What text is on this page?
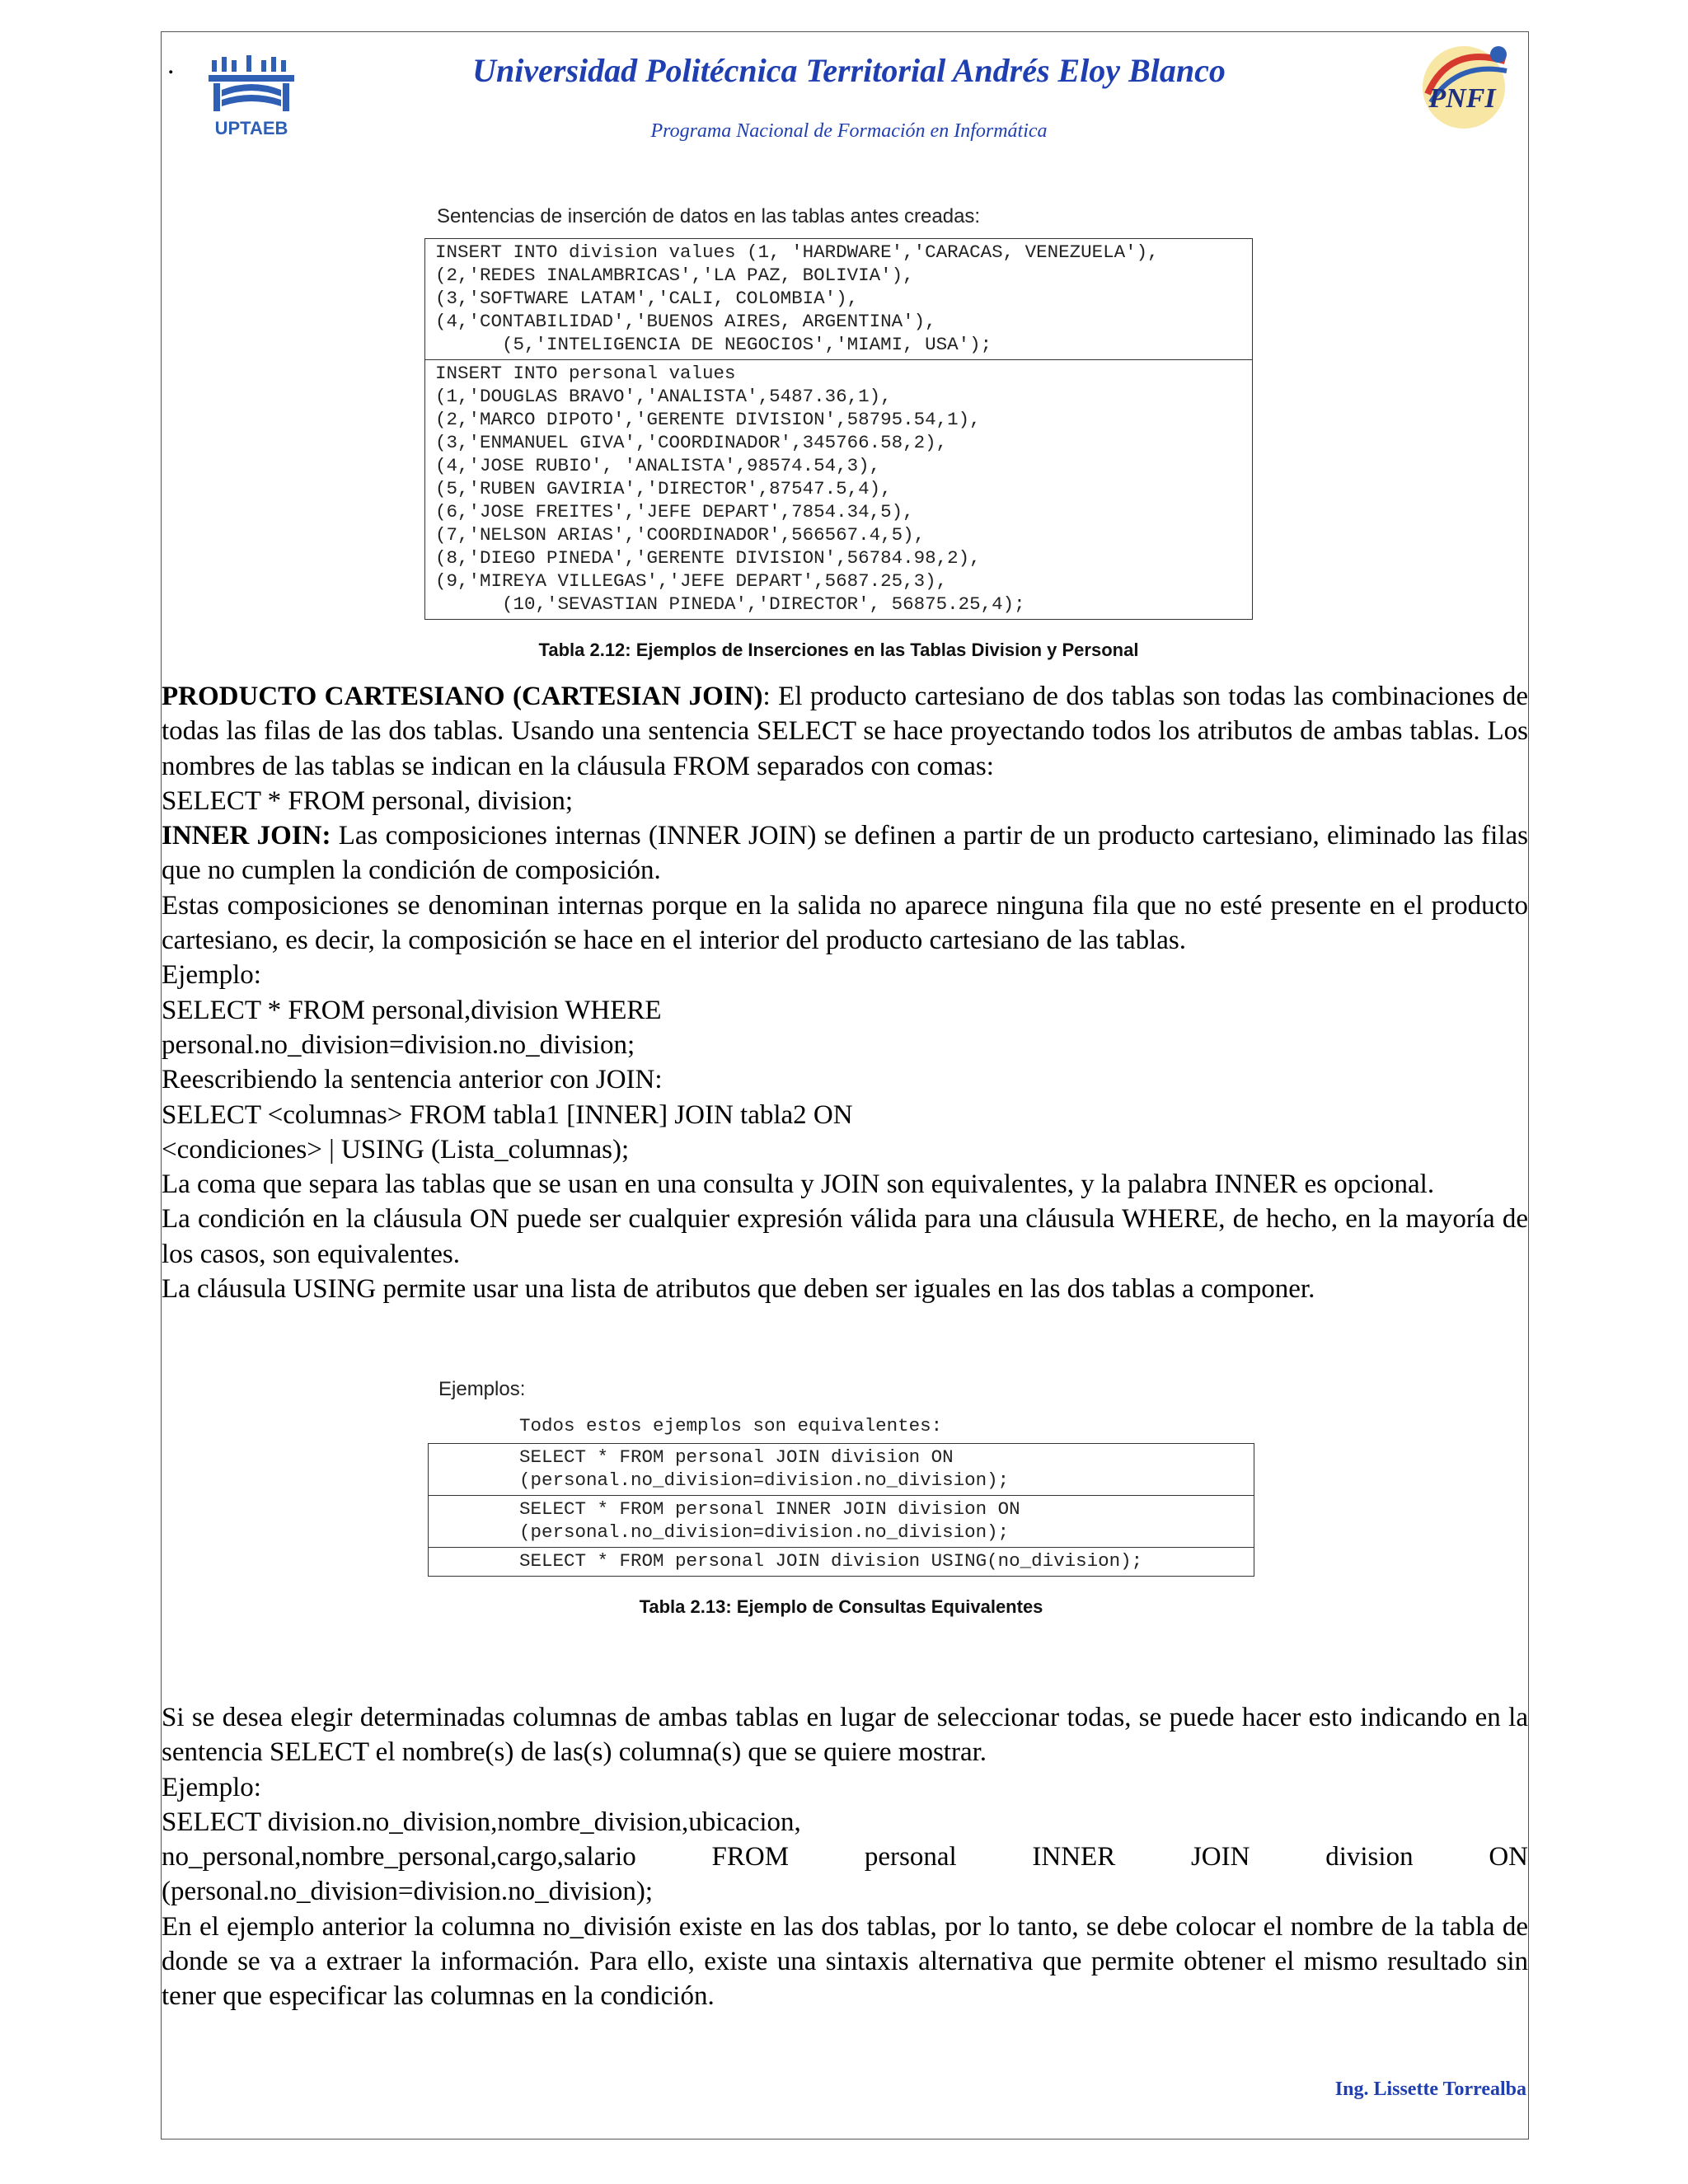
.
UPTAEB
Universidad Politécnica Territorial Andrés Eloy Blanco
Programa Nacional de Formación en Informática
PNFI
Sentencias de inserción de datos en las tablas antes creadas:
INSERT INTO division values (1, 'HARDWARE','CARACAS, VENEZUELA'),
(2,'REDES INALAMBRICAS','LA PAZ, BOLIVIA'),
(3,'SOFTWARE LATAM','CALI, COLOMBIA'),
(4,'CONTABILIDAD','BUENOS AIRES, ARGENTINA'),
(5,'INTELIGENCIA DE NEGOCIOS','MIAMI, USA');
INSERT INTO personal values
(1,'DOUGLAS BRAVO','ANALISTA',5487.36,1),
(2,'MARCO DIPOTO','GERENTE DIVISION',58795.54,1),
(3,'ENMANUEL GIVA','COORDINADOR',345766.58,2),
(4,'JOSE RUBIO', 'ANALISTA',98574.54,3),
(5,'RUBEN GAVIRIA','DIRECTOR',87547.5,4),
(6,'JOSE FREITES','JEFE DEPART',7854.34,5),
(7,'NELSON ARIAS','COORDINADOR',566567.4,5),
(8,'DIEGO PINEDA','GERENTE DIVISION',56784.98,2),
(9,'MIREYA VILLEGAS','JEFE DEPART',5687.25,3),
(10,'SEVASTIAN PINEDA','DIRECTOR', 56875.25,4);
Tabla 2.12: Ejemplos de Inserciones en las Tablas Division y Personal

PRODUCTO CARTESIANO (CARTESIAN JOIN): El producto cartesiano de dos tablas son todas las combinaciones de todas las filas de las dos tablas. Usando una sentencia SELECT se hace proyectando todos los atributos de ambas tablas. Los nombres de las tablas se indican en la cláusula FROM separados con comas:

SELECT * FROM personal, division;

INNER JOIN: Las composiciones internas (INNER JOIN) se definen a partir de un producto cartesiano, eliminado las filas que no cumplen la condición de composición.

Estas composiciones se denominan internas porque en la salida no aparece ninguna fila que no esté presente en el producto cartesiano, es decir, la composición se hace en el interior del producto cartesiano de las tablas.

Ejemplo:

SELECT * FROM personal,division WHERE

personal.no_division=division.no_division;

Reescribiendo la sentencia anterior con JOIN:

SELECT <columnas> FROM tabla1 [INNER] JOIN tabla2 ON

<condiciones> | USING (Lista_columnas);

La coma que separa las tablas que se usan en una consulta y JOIN son equivalentes, y la palabra INNER es opcional.

La condición en la cláusula ON puede ser cualquier expresión válida para una cláusula WHERE, de hecho, en la mayoría de los casos, son equivalentes.

La cláusula USING permite usar una lista de atributos que deben ser iguales en las dos tablas a componer.

Ejemplos:
Todos estos ejemplos son equivalentes:
SELECT * FROM personal JOIN division ON
(personal.no_division=division.no_division);
SELECT * FROM personal INNER JOIN division ON
(personal.no_division=division.no_division);
SELECT * FROM personal JOIN division USING(no_division);
Tabla 2.13: Ejemplo de Consultas Equivalentes

Si se desea elegir determinadas columnas de ambas tablas en lugar de seleccionar todas, se puede hacer esto indicando en la sentencia SELECT el nombre(s) de las(s) columna(s) que se quiere mostrar.

Ejemplo:

SELECT division.no_division,nombre_division,ubicacion,

no_personal,nombre_personal,cargo,salario	FROM	personal	INNER	JOIN	division	ON

(personal.no_division=division.no_division);

En el ejemplo anterior la columna no_división existe en las dos tablas, por lo tanto, se debe colocar el nombre de la tabla de donde se va a extraer la información. Para ello, existe una sintaxis alternativa que permite obtener el mismo resultado sin tener que especificar las columnas en la condición.

Ing. Lissette Torrealba
